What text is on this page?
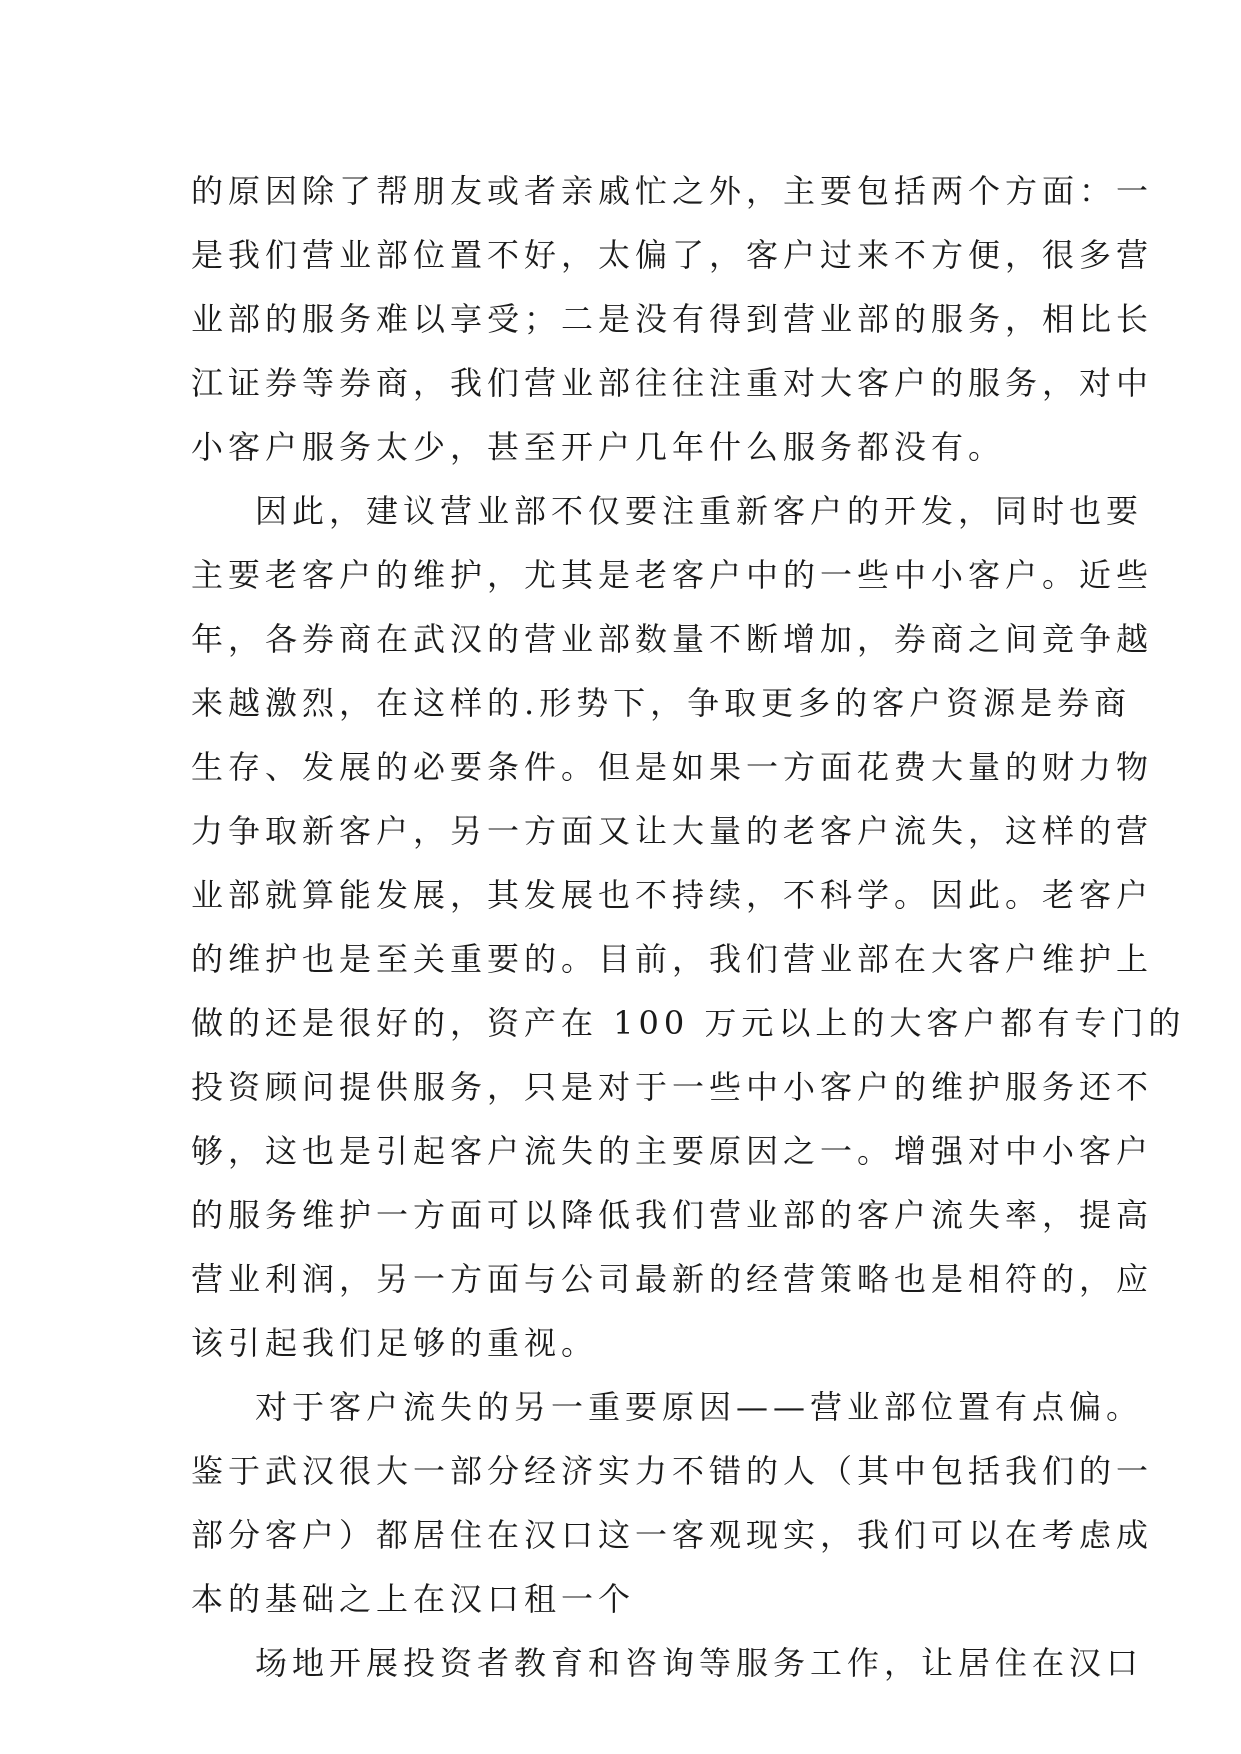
的原因除了帮朋友或者亲戚忙之外，主要包括两个方面：一
是我们营业部位置不好，太偏了，客户过来不方便，很多营
业部的服务难以享受；二是没有得到营业部的服务，相比长
江证券等券商，我们营业部往往注重对大客户的服务，对中
小客户服务太少，甚至开户几年什么服务都没有。
因此，建议营业部不仅要注重新客户的开发，同时也要
主要老客户的维护，尤其是老客户中的一些中小客户。近些
年，各券商在武汉的营业部数量不断增加，券商之间竞争越
来越激烈，在这样的.形势下，争取更多的客户资源是券商
生存、发展的必要条件。但是如果一方面花费大量的财力物
力争取新客户，另一方面又让大量的老客户流失，这样的营
业部就算能发展，其发展也不持续，不科学。因此。老客户
的维护也是至关重要的。目前，我们营业部在大客户维护上
做的还是很好的，资产在 100 万元以上的大客户都有专门的
投资顾问提供服务，只是对于一些中小客户的维护服务还不
够，这也是引起客户流失的主要原因之一。增强对中小客户
的服务维护一方面可以降低我们营业部的客户流失率，提高
营业利润，另一方面与公司最新的经营策略也是相符的，应
该引起我们足够的重视。
对于客户流失的另一重要原因——营业部位置有点偏。
鉴于武汉很大一部分经济实力不错的人（其中包括我们的一
部分客户）都居住在汉口这一客观现实，我们可以在考虑成
本的基础之上在汉口租一个
场地开展投资者教育和咨询等服务工作，让居住在汉口
